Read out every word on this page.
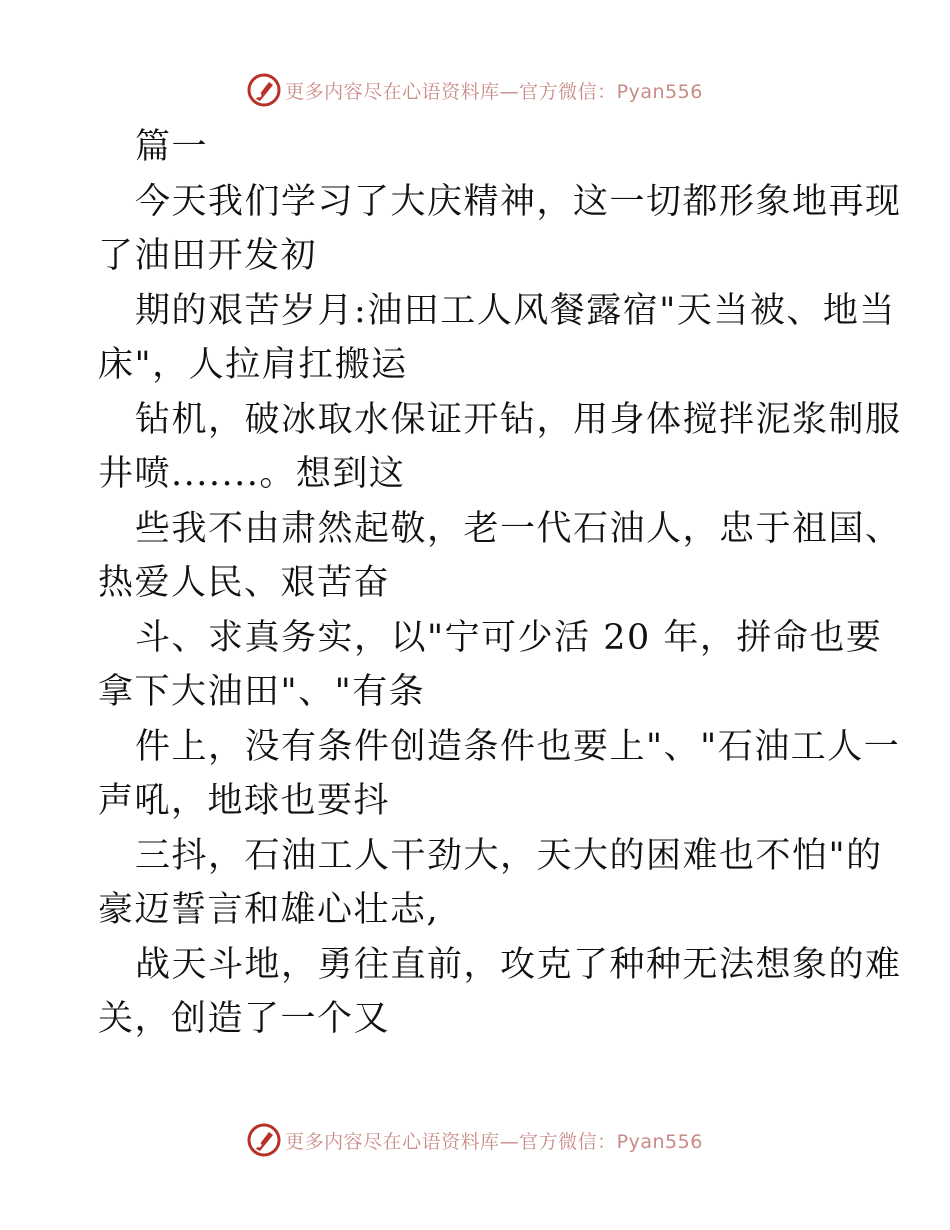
更多内容尽在心语资料库—官方微信：Pyan556
篇一
今天我们学习了大庆精神，这一切都形象地再现
了油田开发初
期的艰苦岁月:油田工人风餐露宿"天当被、地当
床"，人拉肩扛搬运
钻机，破冰取水保证开钻，用身体搅拌泥浆制服
井喷.......。想到这
些我不由肃然起敬，老一代石油人，忠于祖国、
热爱人民、艰苦奋
斗、求真务实，以"宁可少活 20 年，拼命也要
拿下大油田"、"有条
件上，没有条件创造条件也要上"、"石油工人一
声吼，地球也要抖
三抖，石油工人干劲大，天大的困难也不怕"的
豪迈誓言和雄心壮志,
战天斗地，勇往直前，攻克了种种无法想象的难
关，创造了一个又
更多内容尽在心语资料库—官方微信：Pyan556
